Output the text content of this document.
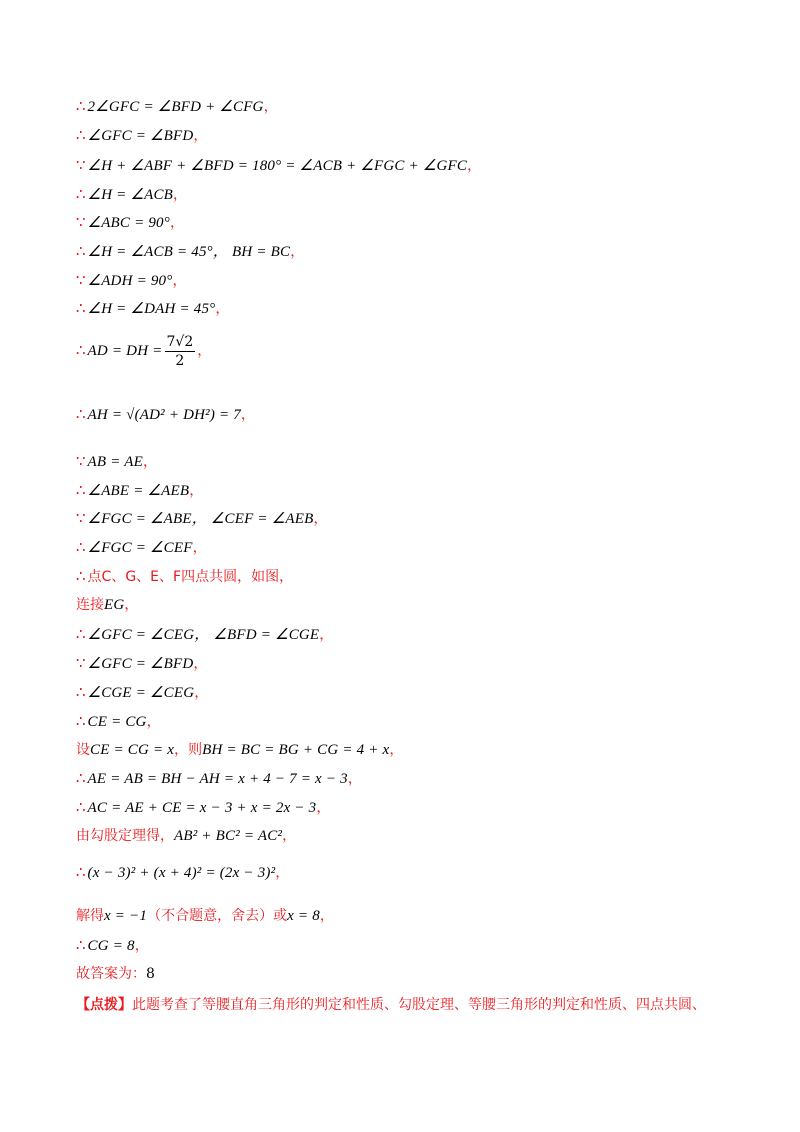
∴ 2∠GFC = ∠BFD + ∠CFG，
∴ ∠GFC = ∠BFD，
∵ ∠H + ∠ABF + ∠BFD = 180° = ∠ACB + ∠FGC + ∠GFC，
∴ ∠H = ∠ACB，
∵ ∠ABC = 90°，
∴ ∠H = ∠ACB = 45°， BH = BC，
∵ ∠ADH = 90°，
∴ ∠H = ∠DAH = 45°，
∴ AD = DH = $\frac{7√2}{2}$ ，
∴ AH = √(AD² + DH²) = 7，
∵ AB = AE，
∴ ∠ABE = ∠AEB，
∵ ∠FGC = ∠ABE， ∠CEF = ∠AEB，
∴ ∠FGC = ∠CEF，
∴ 点C、G、E、F四点共圆，如图，
连接EG，
∴ ∠GFC = ∠CEG， ∠BFD = ∠CGE，
∵ ∠GFC = ∠BFD，
∴ ∠CGE = ∠CEG，
∴ CE = CG，
设CE = CG = x，则BH = BC = BG + CG = 4 + x，
∴ AE = AB = BH − AH = x + 4 − 7 = x − 3，
∴ AC = AE + CE = x − 3 + x = 2x − 3，
由勾股定理得，AB² + BC² = AC²，
∴ (x − 3)² + (x + 4)² = (2x − 3)²，
解得x = −1（不合题意，舍去）或x = 8，
∴ CG = 8，
故答案为：8
【点拨】此题考查了等腰直角三角形的判定和性质、勾股定理、等腰三角形的判定和性质、四点共圆、
